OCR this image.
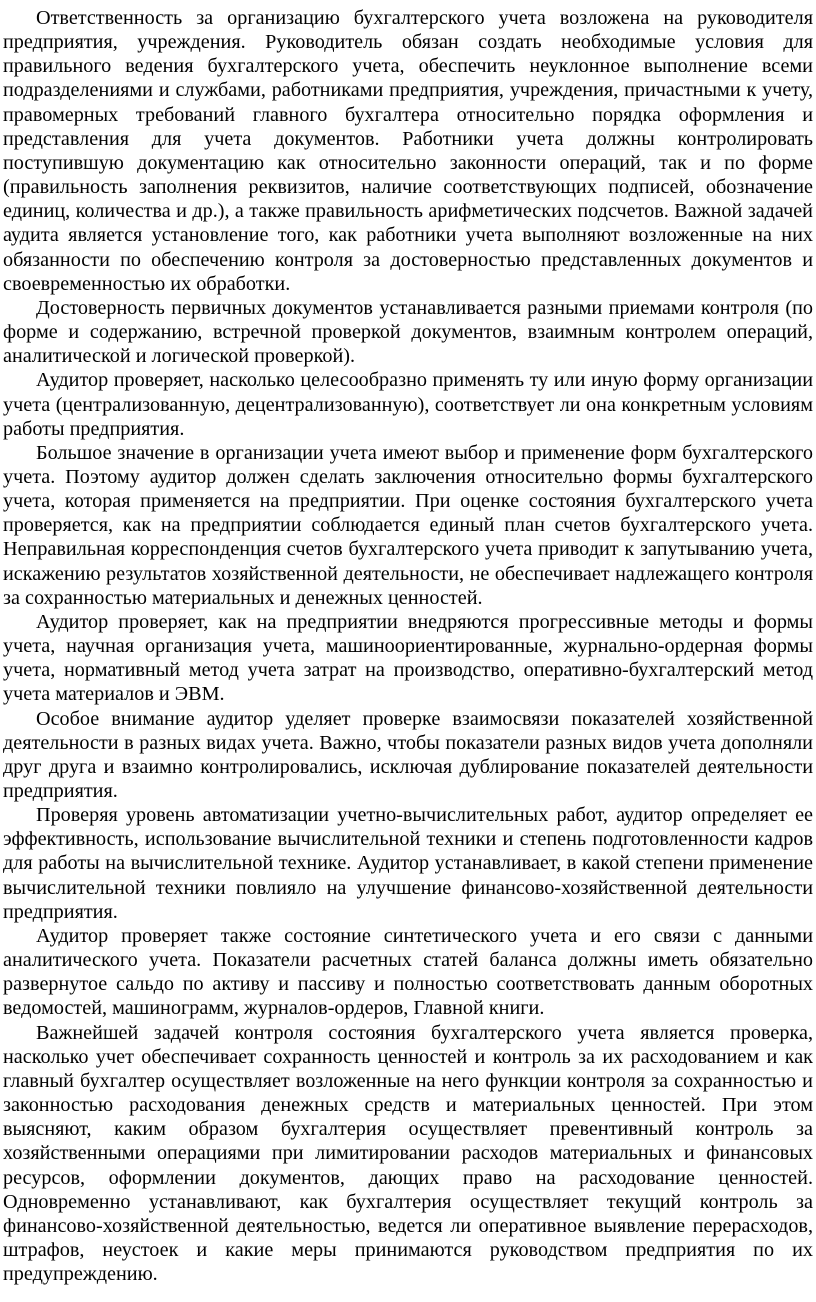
Ответственность за организацию бухгалтерского учета возложена на руководителя предприятия, учреждения. Руководитель обязан создать необходимые условия для правильного ведения бухгалтерского учета, обеспечить неуклонное выполнение всеми подразделениями и службами, работниками предприятия, учреждения, причастными к учету, правомерных требований главного бухгалтера относительно порядка оформления и представления для учета документов. Работники учета должны контролировать поступившую документацию как относительно законности операций, так и по форме (правильность заполнения реквизитов, наличие соответствующих подписей, обозначение единиц, количества и др.), а также правильность арифметических подсчетов. Важной задачей аудита является установление того, как работники учета выполняют возложенные на них обязанности по обеспечению контроля за достоверностью представленных документов и своевременностью их обработки.

Достоверность первичных документов устанавливается разными приемами контроля (по форме и содержанию, встречной проверкой документов, взаимным контролем операций, аналитической и логической проверкой).

Аудитор проверяет, насколько целесообразно применять ту или иную форму организации учета (централизованную, децентрализованную), соответствует ли она конкретным условиям работы предприятия.

Большое значение в организации учета имеют выбор и применение форм бухгалтерского учета. Поэтому аудитор должен сделать заключения относительно формы бухгалтерского учета, которая применяется на предприятии. При оценке состояния бухгалтерского учета проверяется, как на предприятии соблюдается единый план счетов бухгалтерского учета. Неправильная корреспонденция счетов бухгалтерского учета приводит к запутыванию учета, искажению результатов хозяйственной деятельности, не обеспечивает надлежащего контроля за сохранностью материальных и денежных ценностей.

Аудитор проверяет, как на предприятии внедряются прогрессивные методы и формы учета, научная организация учета, машиноориентированные, журнально-ордерная формы учета, нормативный метод учета затрат на производство, оперативно-бухгалтерский метод учета материалов и ЭВМ.

Особое внимание аудитор уделяет проверке взаимосвязи показателей хозяйственной деятельности в разных видах учета. Важно, чтобы показатели разных видов учета дополняли друг друга и взаимно контролировались, исключая дублирование показателей деятельности предприятия.

Проверяя уровень автоматизации учетно-вычислительных работ, аудитор определяет ее эффективность, использование вычислительной техники и степень подготовленности кадров для работы на вычислительной технике. Аудитор устанавливает, в какой степени применение вычислительной техники повлияло на улучшение финансово-хозяйственной деятельности предприятия.

Аудитор проверяет также состояние синтетического учета и его связи с данными аналитического учета. Показатели расчетных статей баланса должны иметь обязательно развернутое сальдо по активу и пассиву и полностью соответствовать данным оборотных ведомостей, машинограмм, журналов-ордеров, Главной книги.

Важнейшей задачей контроля состояния бухгалтерского учета является проверка, насколько учет обеспечивает сохранность ценностей и контроль за их расходованием и как главный бухгалтер осуществляет возложенные на него функции контроля за сохранностью и законностью расходования денежных средств и материальных ценностей. При этом выясняют, каким образом бухгалтерия осуществляет превентивный контроль за хозяйственными операциями при лимитировании расходов материальных и финансовых ресурсов, оформлении документов, дающих право на расходование ценностей. Одновременно устанавливают, как бухгалтерия осуществляет текущий контроль за финансово-хозяйственной деятельностью, ведется ли оперативное выявление перерасходов, штрафов, неустоек и какие меры принимаются руководством предприятия по их предупреждению.
